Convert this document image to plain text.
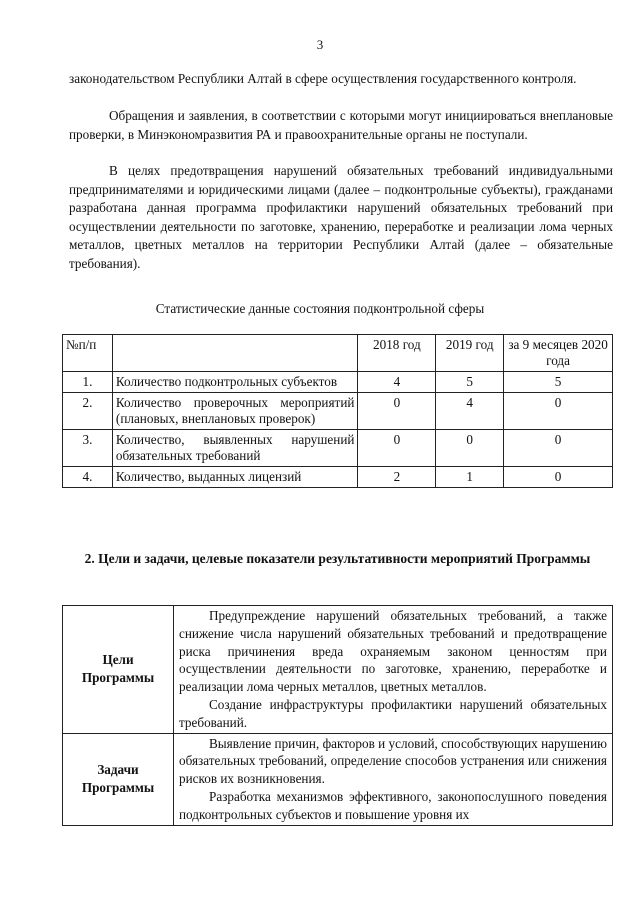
3

законодательством Республики Алтай в сфере осуществления государственного контроля.

Обращения и заявления, в соответствии с которыми могут инициироваться внеплановые проверки, в Минэкономразвития РА и правоохранительные органы не поступали.

В целях предотвращения нарушений обязательных требований индивидуальными предпринимателями и юридическими лицами (далее – подконтрольные субъекты), гражданами разработана данная программа профилактики нарушений обязательных требований при осуществлении деятельности по заготовке, хранению, переработке и реализации лома черных металлов, цветных металлов на территории Республики Алтай (далее – обязательные требования).

Статистические данные состояния подконтрольной сферы
№п/п		2018 год	2019 год	за 9 месяцев 2020 года
1.	Количество подконтрольных субъектов	4	5	5
2.	Количество проверочных мероприятий (плановых, внеплановых проверок)	0	4	0
3.	Количество, выявленных нарушений обязательных требований	0	0	0
4.	Количество, выданных лицензий	2	1	0
2. Цели и задачи, целевые показатели результативности мероприятий Программы
Цели Программы	Предупреждение нарушений обязательных требований, а также снижение числа нарушений обязательных требований и предотвращение риска причинения вреда охраняемым законом ценностям при осуществлении деятельности по заготовке, хранению, переработке и реализации лома черных металлов, цветных металлов.

Создание инфраструктуры профилактики нарушений обязательных требований.

Задачи Программы	Выявление причин, факторов и условий, способствующих нарушению обязательных требований, определение способов устранения или снижения рисков их возникновения.

Разработка механизмов эффективного, законопослушного поведения подконтрольных субъектов и повышение уровня их
